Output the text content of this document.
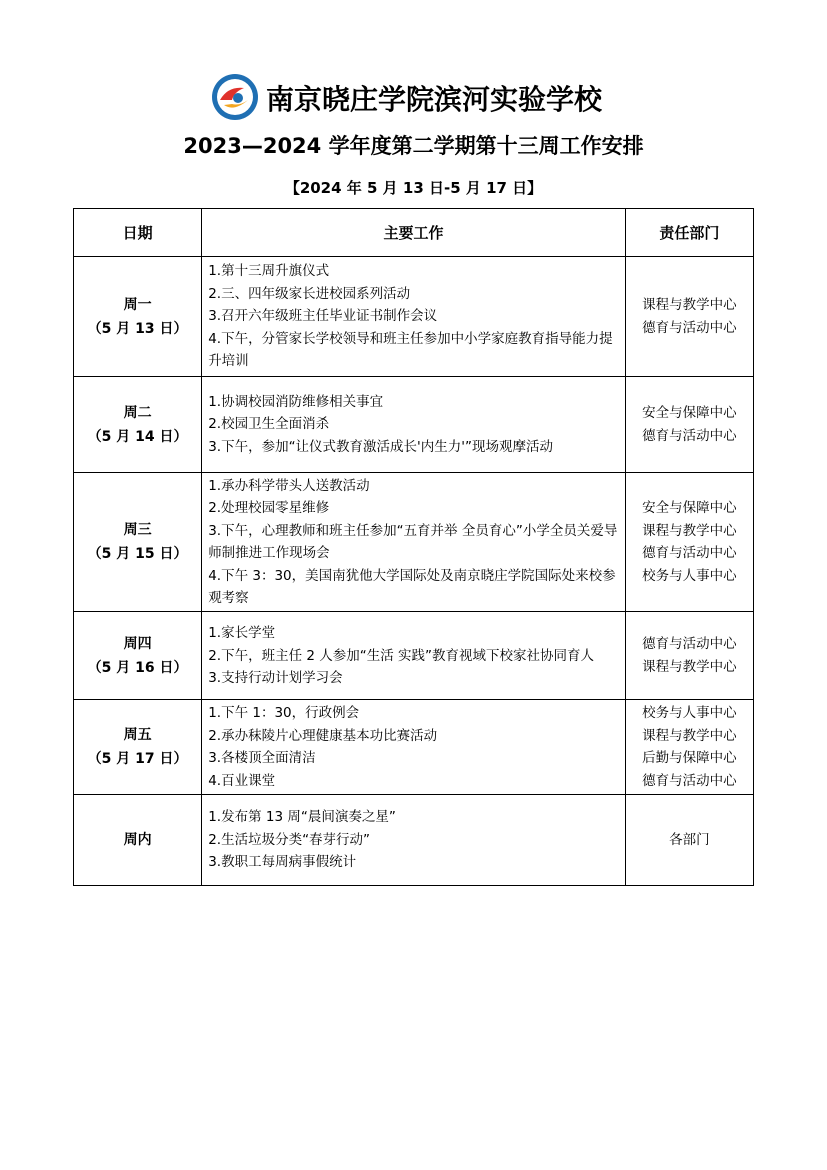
南京晓庄学院滨河实验学校
2023—2024 学年度第二学期第十三周工作安排
【2024 年 5 月 13 日-5 月 17 日】
日期	主要工作	责任部门

周一
（5 月 13 日）	1.第十三周升旗仪式
2.三、四年级家长进校园系列活动
3.召开六年级班主任毕业证书制作会议
4.下午，分管家长学校领导和班主任参加中小学家庭教育指导能力提升培训	课程与教学中心
德育与活动中心

周二
（5 月 14 日）	1.协调校园消防维修相关事宜
2.校园卫生全面消杀
3.下午，参加“让仪式教育激活成长'内生力'”现场观摩活动	安全与保障中心
德育与活动中心

周三
（5 月 15 日）	1.承办科学带头人送教活动
2.处理校园零星维修
3.下午，心理教师和班主任参加“五育并举 全员育心”小学全员关爱导师制推进工作现场会
4.下午 3：30，美国南犹他大学国际处及南京晓庄学院国际处来校参观考察	安全与保障中心
课程与教学中心
德育与活动中心
校务与人事中心

周四
（5 月 16 日）	1.家长学堂
2.下午，班主任 2 人参加“生活 实践”教育视域下校家社协同育人
3.支持行动计划学习会	德育与活动中心
课程与教学中心

周五
（5 月 17 日）	1.下午 1：30，行政例会
2.承办秣陵片心理健康基本功比赛活动
3.各楼顶全面清洁
4.百业课堂	校务与人事中心
课程与教学中心
后勤与保障中心
德育与活动中心

周内	1.发布第 13 周“晨间演奏之星”
2.生活垃圾分类“春芽行动”
3.教职工每周病事假统计	各部门
